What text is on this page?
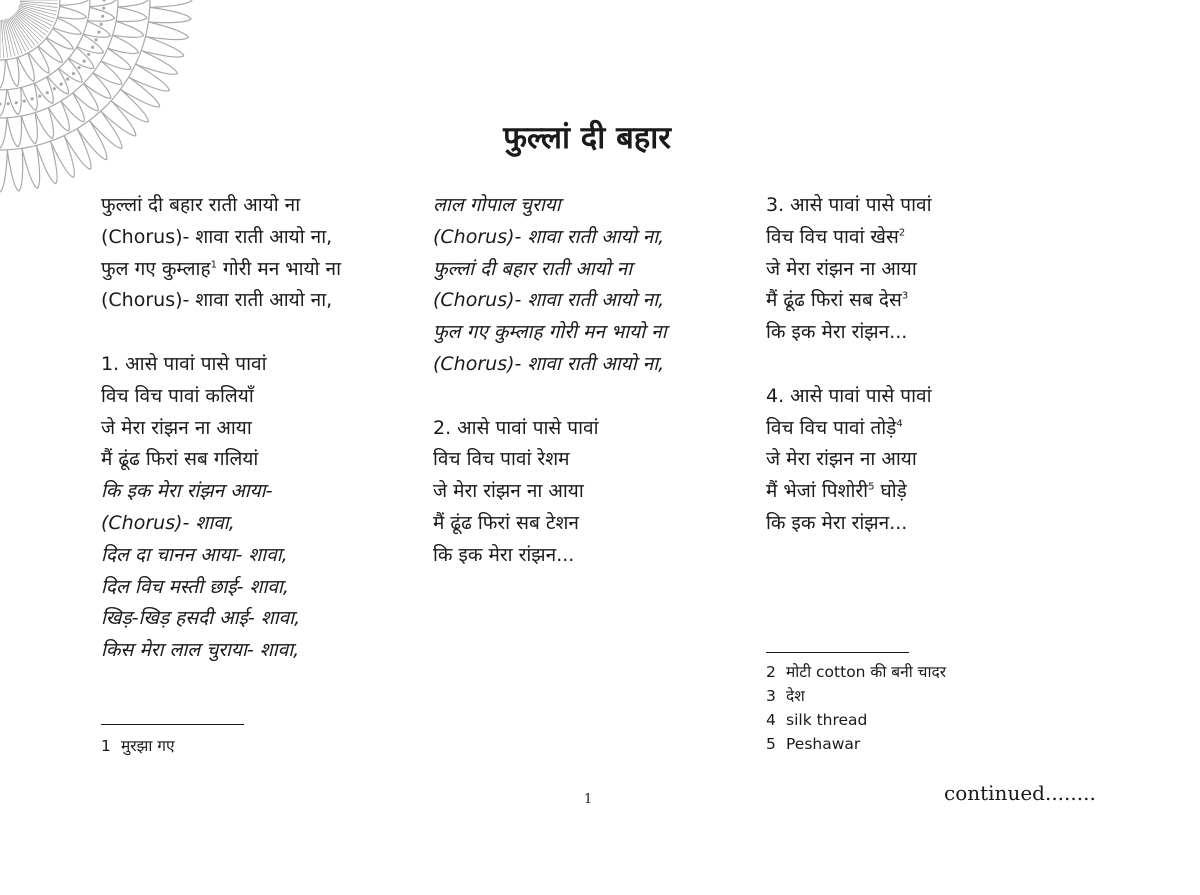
फुल्लां दी बहार
फुल्लां दी बहार राती आयो ना
(Chorus)- शावा राती आयो ना,
फुल गए कुम्लाह$^1$ गोरी मन भायो ना
(Chorus)- शावा राती आयो ना,
1. आसे पावां पासे पावां
विच विच पावां कलियाँ
जे मेरा रांझन ना आया
मैं ढूंढ फिरां सब गलियां
कि इक मेरा रांझन आया-
(Chorus)- शावा,
दिल दा चानन आया- शावा,
दिल विच मस्ती छाई- शावा,
खिड़-खिड़ हसदी आई- शावा,
किस मेरा लाल चुराया- शावा,
लाल गोपाल चुराया
(Chorus)- शावा राती आयो ना,
फुल्लां दी बहार राती आयो ना
(Chorus)- शावा राती आयो ना,
फुल गए कुम्लाह गोरी मन भायो ना
(Chorus)- शावा राती आयो ना,
2. आसे पावां पासे पावां
विच विच पावां रेशम
जे मेरा रांझन ना आया
मैं ढूंढ फिरां सब टेशन
कि इक मेरा रांझन...
3. आसे पावां पासे पावां
विच विच पावां खेस$^2$
जे मेरा रांझन ना आया
मैं ढूंढ फिरां सब देस$^3$
कि इक मेरा रांझन...
4. आसे पावां पासे पावां
विच विच पावां तोड़े$^4$
जे मेरा रांझन ना आया
मैं भेजां पिशोरी$^5$ घोड़े
कि इक मेरा रांझन...
1 मुरझा गए
2 मोटी cotton की बनी चादर
3 देश
4 silk thread
5 Peshawar
1	continued........
